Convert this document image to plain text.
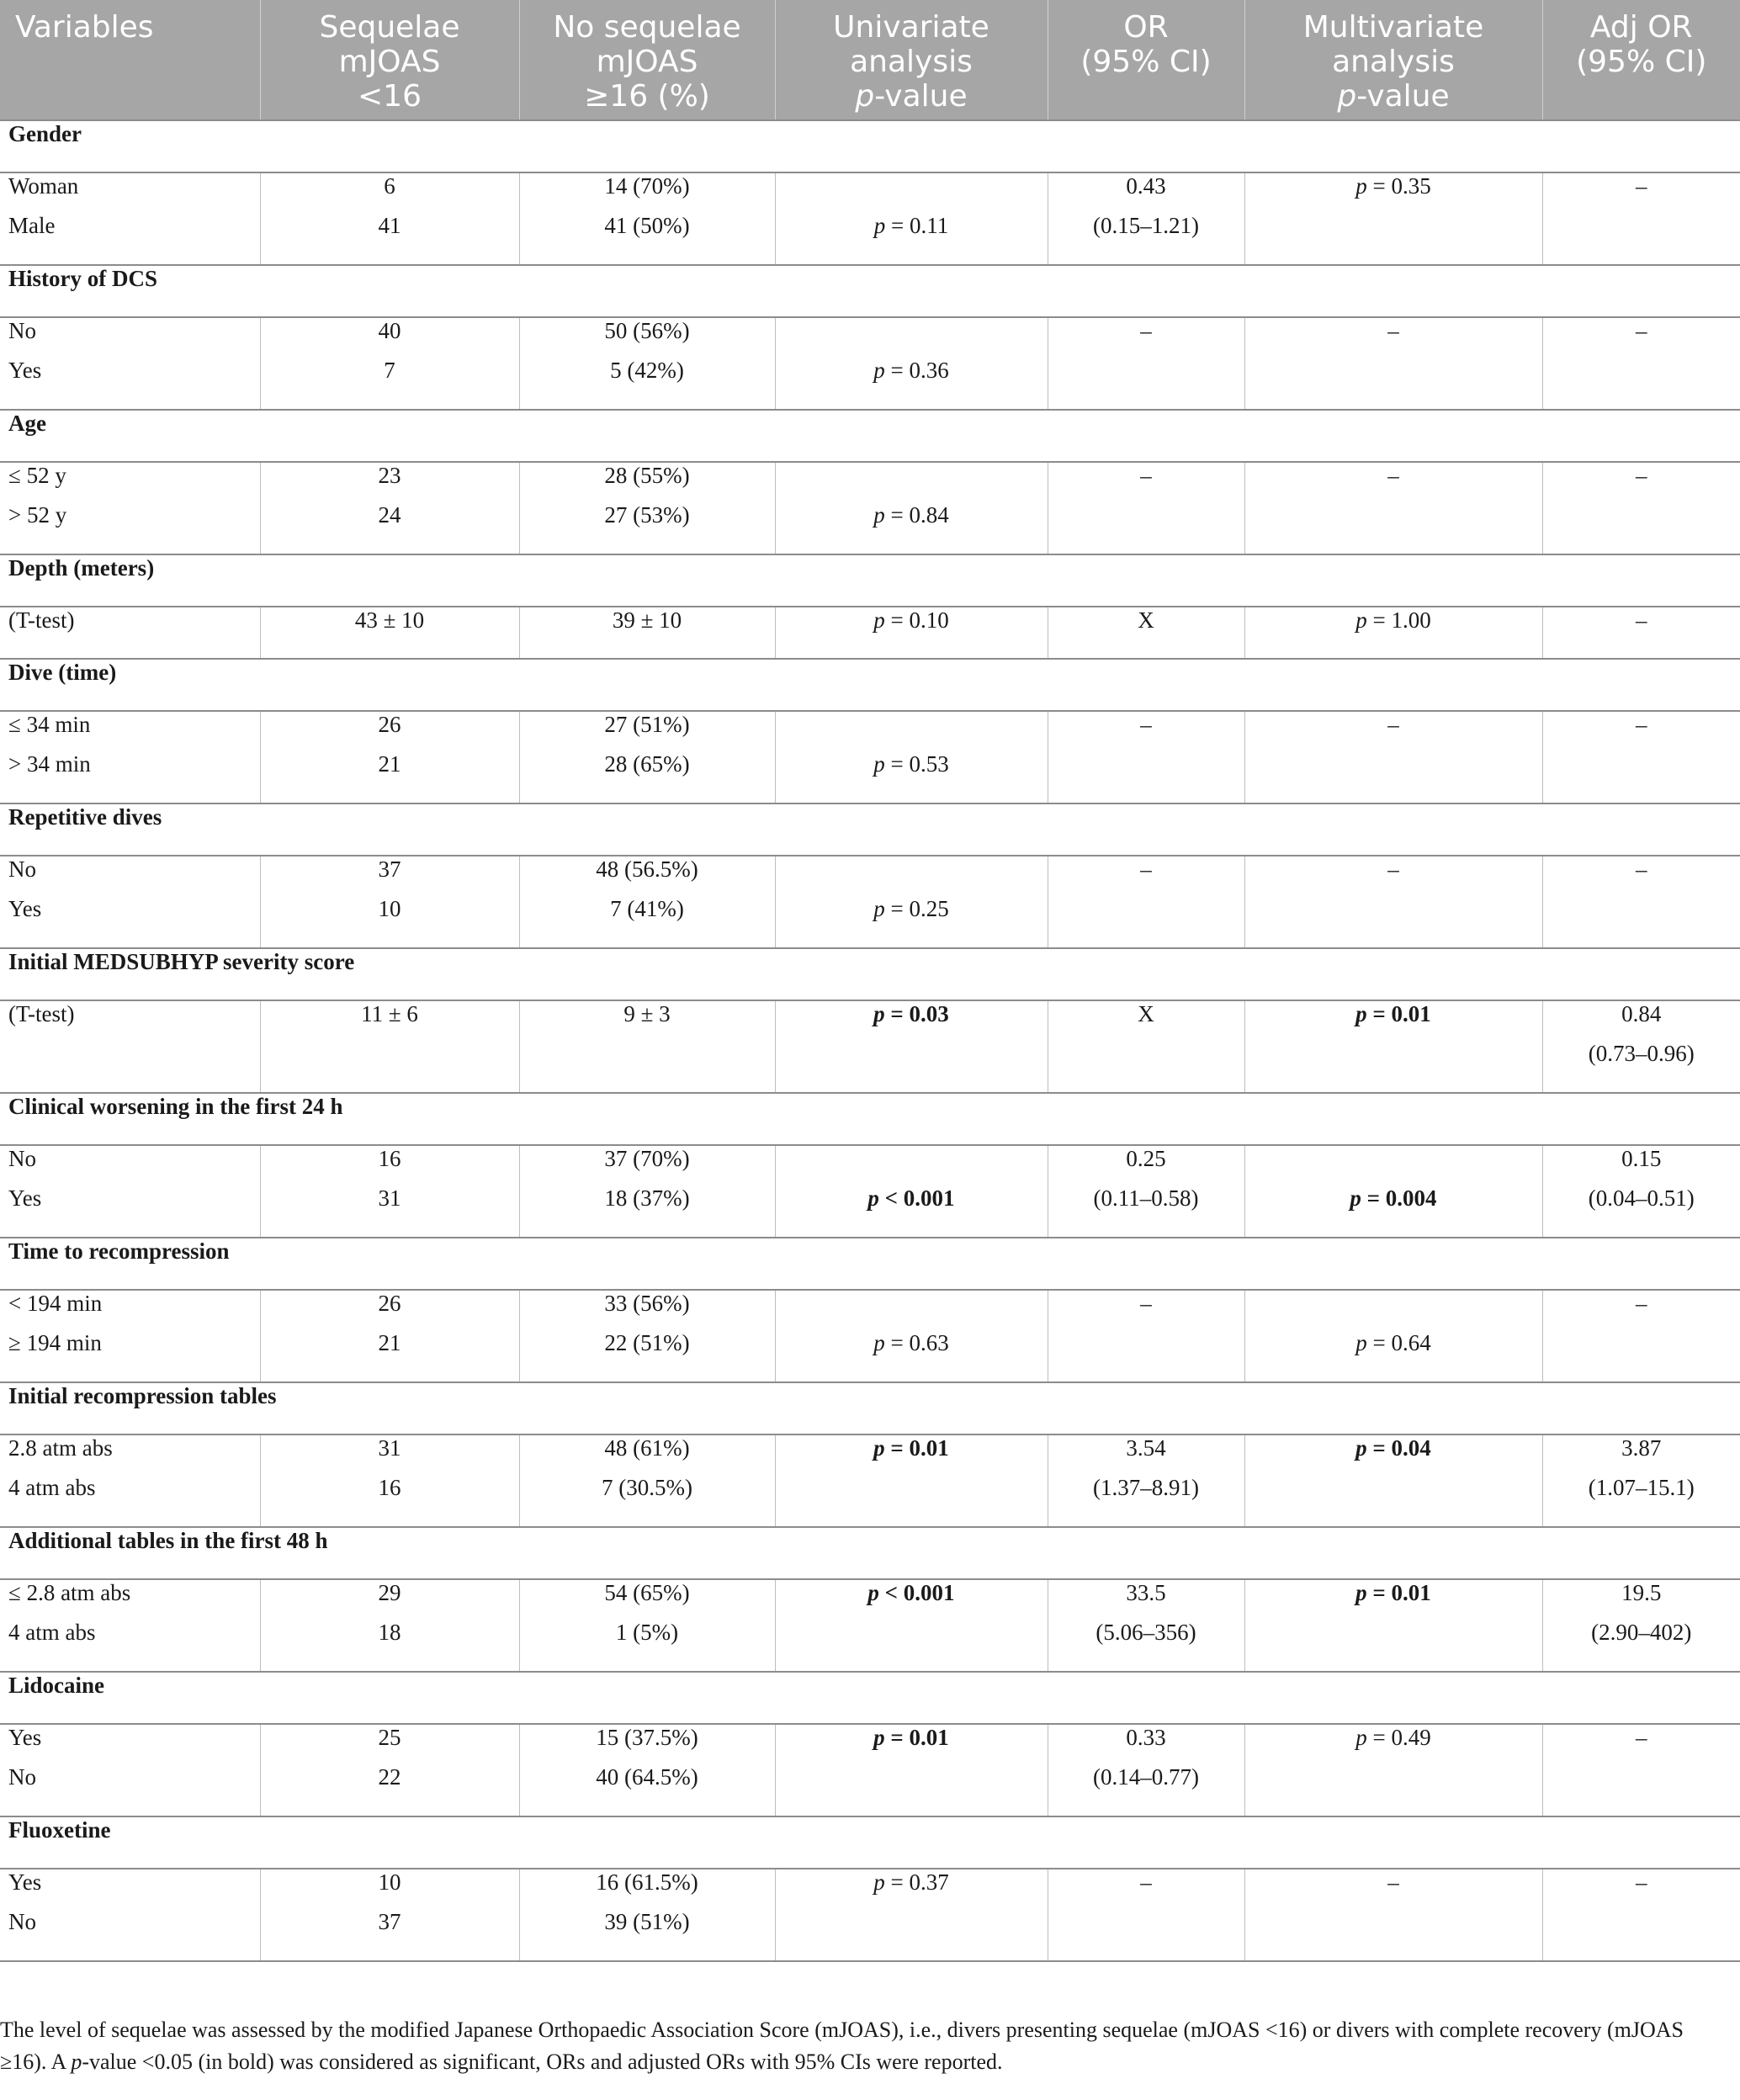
Variables	Sequelae
mJOAS
<16	No sequelae
mJOAS
≥16 (%)	Univariate
analysis
p-value	OR
(95% CI)	Multivariate
analysis
p-value	Adj OR
(95% CI)
Gender						
Woman	6	14 (70%)		0.43	p = 0.35	–
Male	41	41 (50%)	p = 0.11	(0.15–1.21)		
History of DCS						
No	40	50 (56%)		–	–	–
Yes	7	5 (42%)	p = 0.36			
Age						
≤ 52 y	23	28 (55%)		–	–	–
> 52 y	24	27 (53%)	p = 0.84			
Depth (meters)						
(T-test)	43 ± 10	39 ± 10	p = 0.10	X	p = 1.00	–
Dive (time)						
≤ 34 min	26	27 (51%)		–	–	–
> 34 min	21	28 (65%)	p = 0.53			
Repetitive dives						
No	37	48 (56.5%)		–	–	–
Yes	10	7 (41%)	p = 0.25			
Initial MEDSUBHYP severity score						
(T-test)	11 ± 6	9 ± 3	p = 0.03	X	p = 0.01	0.84
						(0.73–0.96)
Clinical worsening in the first 24 h						
No	16	37 (70%)		0.25		0.15
Yes	31	18 (37%)	p < 0.001	(0.11–0.58)	p = 0.004	(0.04–0.51)
Time to recompression						
< 194 min	26	33 (56%)		–		–
≥ 194 min	21	22 (51%)	p = 0.63		p = 0.64	
Initial recompression tables						
2.8 atm abs	31	48 (61%)	p = 0.01	3.54	p = 0.04	3.87
4 atm abs	16	7 (30.5%)		(1.37–8.91)		(1.07–15.1)
Additional tables in the first 48 h						
≤ 2.8 atm abs	29	54 (65%)	p < 0.001	33.5	p = 0.01	19.5
4 atm abs	18	1 (5%)		(5.06–356)		(2.90–402)
Lidocaine						
Yes	25	15 (37.5%)	p = 0.01	0.33	p = 0.49	–
No	22	40 (64.5%)		(0.14–0.77)		
Fluoxetine						
Yes	10	16 (61.5%)	p = 0.37	–	–	–
No	37	39 (51%)				

The level of sequelae was assessed by the modified Japanese Orthopaedic Association Score (mJOAS), i.e., divers presenting sequelae (mJOAS <16) or divers with complete recovery (mJOAS
≥16). A p-value <0.05 (in bold) was considered as significant, ORs and adjusted ORs with 95% CIs were reported.
